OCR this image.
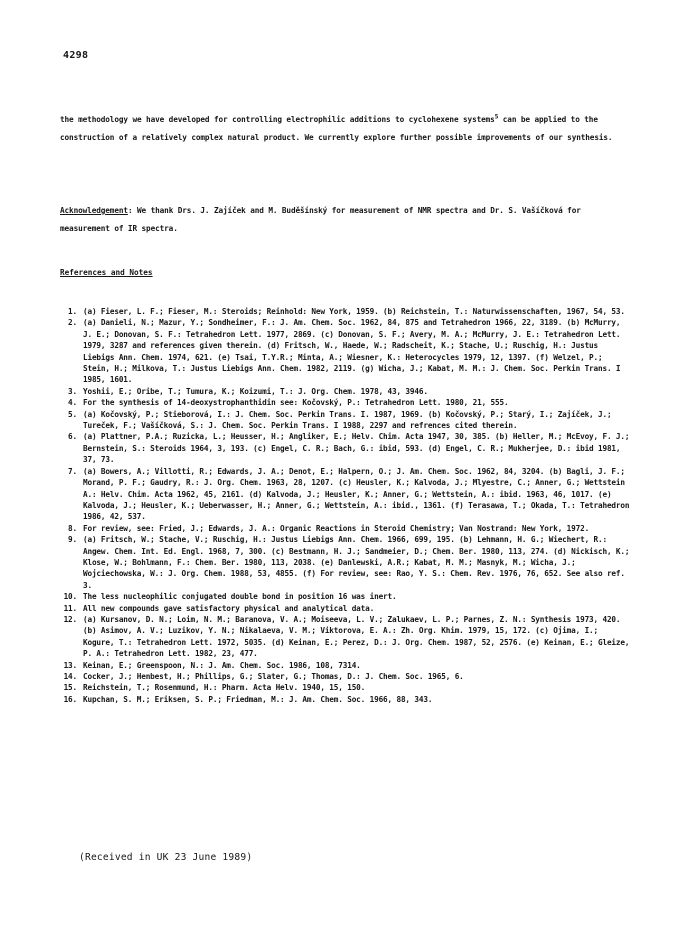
4298
the methodology we have developed for controlling electrophilic additions to cyclohexene systems$^5$ can be applied to the construction of a relatively complex natural product. We currently explore further possible improvements of our synthesis.
Acknowledgement: We thank Drs. J. Zajíček and M. Buděšínský for measurement of NMR spectra and Dr. S. Vašíčková for measurement of IR spectra.
References and Notes
1. (a) Fieser, L. F.; Fieser, M.: Steroids; Reinhold: New York, 1959. (b) Reichstein, T.: Naturwissenschaften, 1967, 54, 53.
2. (a) Danieli, N.; Mazur, Y.; Sondheimer, F.: J. Am. Chem. Soc. 1962, 84, 875 and Tetrahedron 1966, 22, 3189. (b) McMurry, J. E.; Donovan, S. F.: Tetrahedron Lett. 1977, 2869. (c) Donovan, S. F.; Avery, M. A.; McMurry, J. E.: Tetrahedron Lett. 1979, 3287 and references given therein. (d) Fritsch, W., Haede, W.; Radscheit, K.; Stache, U.; Ruschig, H.: Justus Liebigs Ann. Chem. 1974, 621. (e) Tsai, T.Y.R.; Minta, A.; Wiesner, K.: Heterocycles 1979, 12, 1397. (f) Welzel, P.; Stein, H.; Milkova, T.: Justus Liebigs Ann. Chem. 1982, 2119. (g) Wicha, J.; Kabat, M. M.: J. Chem. Soc. Perkin Trans. I 1985, 1601.
3. Yoshii, E.; Oribe, T.; Tumura, K.; Koizumi, T.: J. Org. Chem. 1978, 43, 3946.
4. For the synthesis of 14-deoxystrophanthidin see: Kočovský, P.: Tetrahedron Lett. 1980, 21, 555.
5. (a) Kočovský, P.; Stieborová, I.: J. Chem. Soc. Perkin Trans. I. 1987, 1969. (b) Kočovský, P.; Starý, I.; Zajíček, J.; Tureček, F.; Vašíčková, S.: J. Chem. Soc. Perkin Trans. I 1988, 2297 and refrences cited therein.
6. (a) Plattner, P.A.; Ruzicka, L.; Heusser, H.; Angliker, E.; Helv. Chim. Acta 1947, 30, 385. (b) Heller, M.; McEvoy, F. J.; Bernstein, S.: Steroids 1964, 3, 193. (c) Engel, C. R.; Bach, G.: ibid, 593. (d) Engel, C. R.; Mukherjee, D.: ibid 1981, 37, 73.
7. (a) Bowers, A.; Villotti, R.; Edwards, J. A.; Denot, E.; Halpern, O.; J. Am. Chem. Soc. 1962, 84, 3204. (b) Bagli, J. F.; Morand, P. F.; Gaudry, R.: J. Org. Chem. 1963, 28, 1207. (c) Heusler, K.; Kalvoda, J.; Mlyestre, C.; Anner, G.; Wettstein A.: Helv. Chim. Acta 1962, 45, 2161. (d) Kalvoda, J.; Heusler, K.; Anner, G.; Wettstein, A.: ibid. 1963, 46, 1017. (e) Kalvoda, J.; Heusler, K.; Ueberwasser, H.; Anner, G.; Wettstein, A.: ibid., 1361. (f) Terasawa, T.; Okada, T.: Tetrahedron 1986, 42, 537.
8. For review, see: Fried, J.; Edwards, J. A.: Organic Reactions in Steroid Chemistry; Van Nostrand: New York, 1972.
9. (a) Fritsch, W.; Stache, V.; Ruschig, H.: Justus Liebigs Ann. Chem. 1966, 699, 195. (b) Lehmann, H. G.; Wiechert, R.: Angew. Chem. Int. Ed. Engl. 1968, 7, 300. (c) Bestmann, H. J.; Sandmeier, D.; Chem. Ber. 1980, 113, 274. (d) Nickisch, K.; Klose, W.; Bohlmann, F.: Chem. Ber. 1980, 113, 2038. (e) Danlewski, A.R.; Kabat, M. M.; Masnyk, M.; Wicha, J.; Wojciechowska, W.: J. Org. Chem. 1988, 53, 4855. (f) For review, see: Rao, Y. S.: Chem. Rev. 1976, 76, 652. See also ref. 3.
10. The less nucleophilic conjugated double bond in position 16 was inert.
11. All new compounds gave satisfactory physical and analytical data.
12. (a) Kursanov, D. N.; Loim, N. M.; Baranova, V. A.; Moiseeva, L. V.; Zalukaev, L. P.; Parnes, Z. N.: Synthesis 1973, 420. (b) Asimov, A. V.; Luzikov, Y. N.; Nikalaeva, V. M.; Viktorova, E. A.: Zh. Org. Khim. 1979, 15, 172. (c) Ojima, I.; Kogure, T.: Tetrahedron Lett. 1972, 5035. (d) Keinan, E.; Perez, D.: J. Org. Chem. 1987, 52, 2576. (e) Keinan, E.; Gleize, P. A.: Tetrahedron Lett. 1982, 23, 477.
13. Keinan, E.; Greenspoon, N.: J. Am. Chem. Soc. 1986, 108, 7314.
14. Cocker, J.; Henbest, H.; Phillips, G.; Slater, G.; Thomas, D.: J. Chem. Soc. 1965, 6.
15. Reichstein, T.; Rosenmund, H.: Pharm. Acta Helv. 1940, 15, 150.
16. Kupchan, S. M.; Eriksen, S. P.; Friedman, M.: J. Am. Chem. Soc. 1966, 88, 343.
(Received in UK 23 June 1989)
